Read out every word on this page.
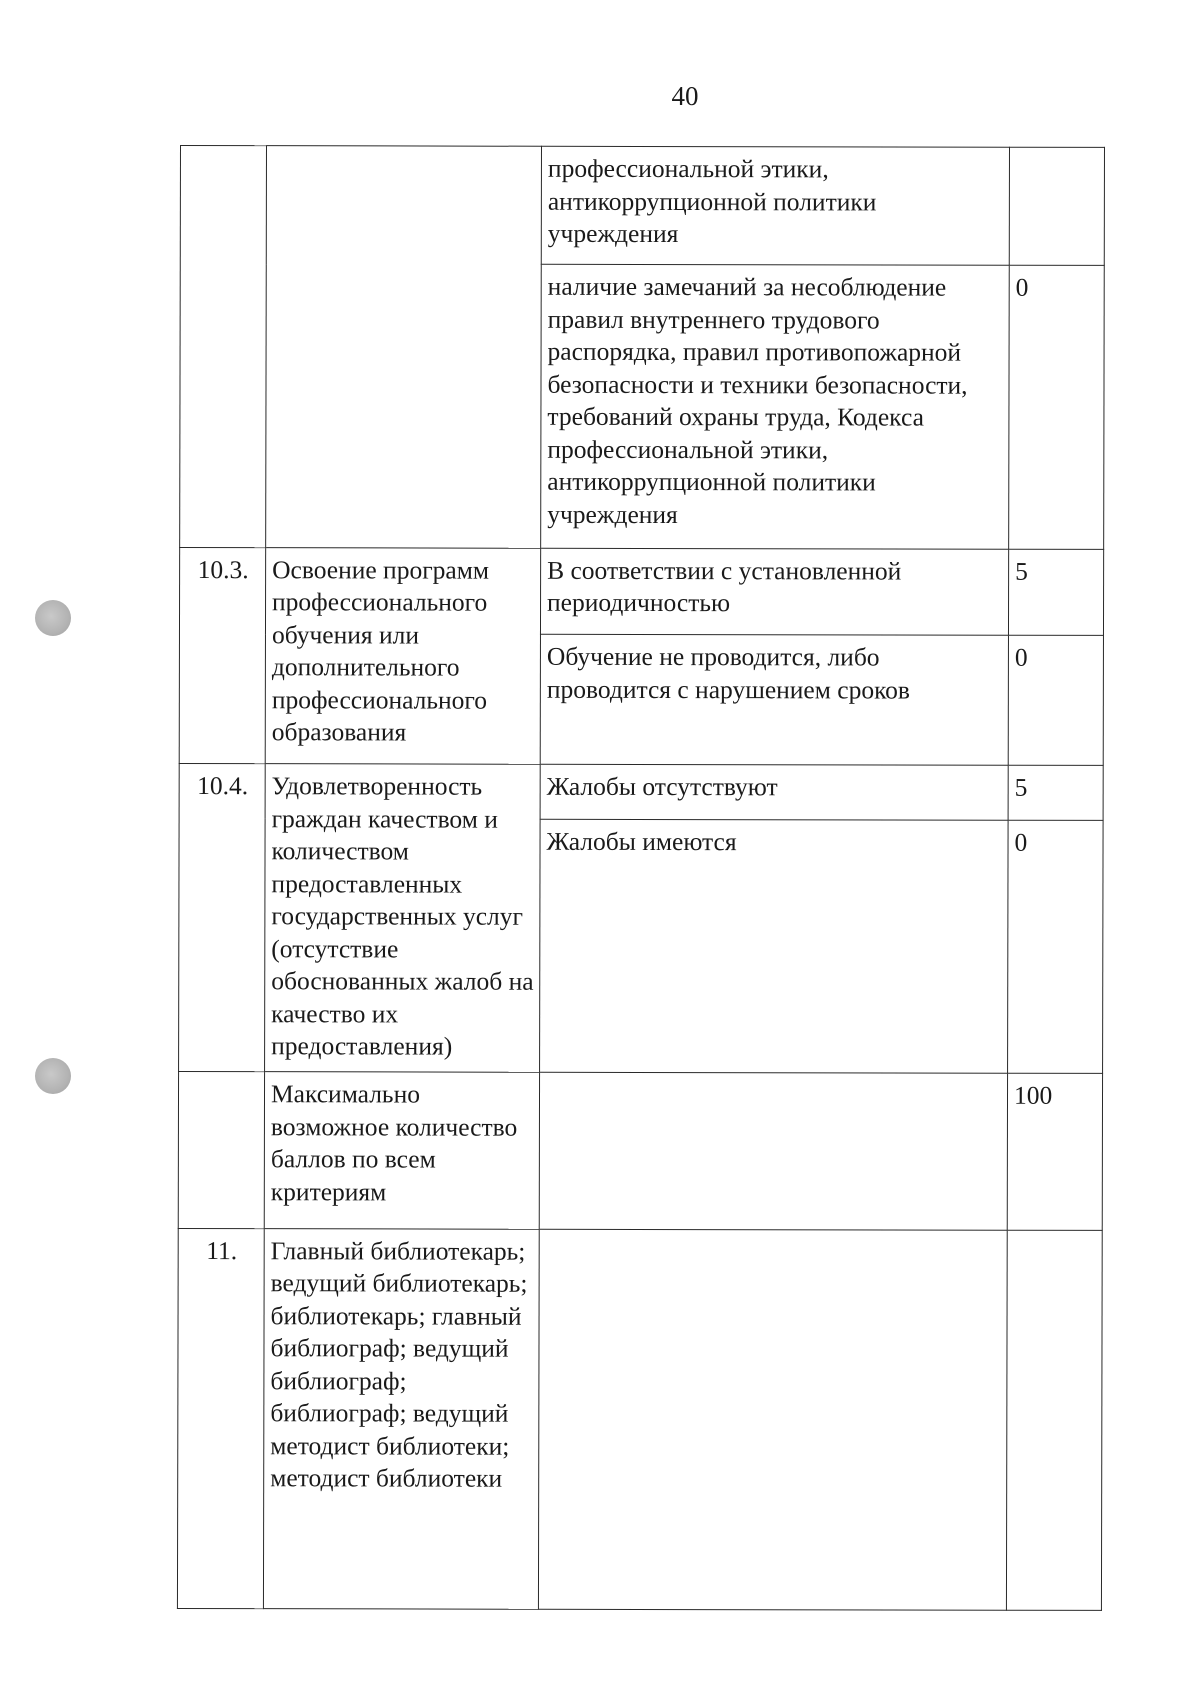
40
		профессиональной этики, антикоррупционной политики учреждения	
		наличие замечаний за несоблюдение правил внутреннего трудового распорядка, правил противопожарной безопасности и техники безопасности, требований охраны труда, Кодекса профессиональной этики, антикоррупционной политики учреждения	0
10.3.	Освоение программ профессионального обучения или дополнительного профессионального образования	В соответствии с установленной периодичностью	5
		Обучение не проводится, либо проводится с нарушением сроков	0
10.4.	Удовлетворенность граждан качеством и количеством предоставленных государственных услуг (отсутствие обоснованных жалоб на качество их предоставления)	Жалобы отсутствуют	5
		Жалобы имеются	0
	Максимально возможное количество баллов по всем критериям		100
11.	Главный библиотекарь; ведущий библиотекарь; библиотекарь; главный библиограф; ведущий библиограф; библиограф; ведущий методист библиотеки; методист библиотеки		
